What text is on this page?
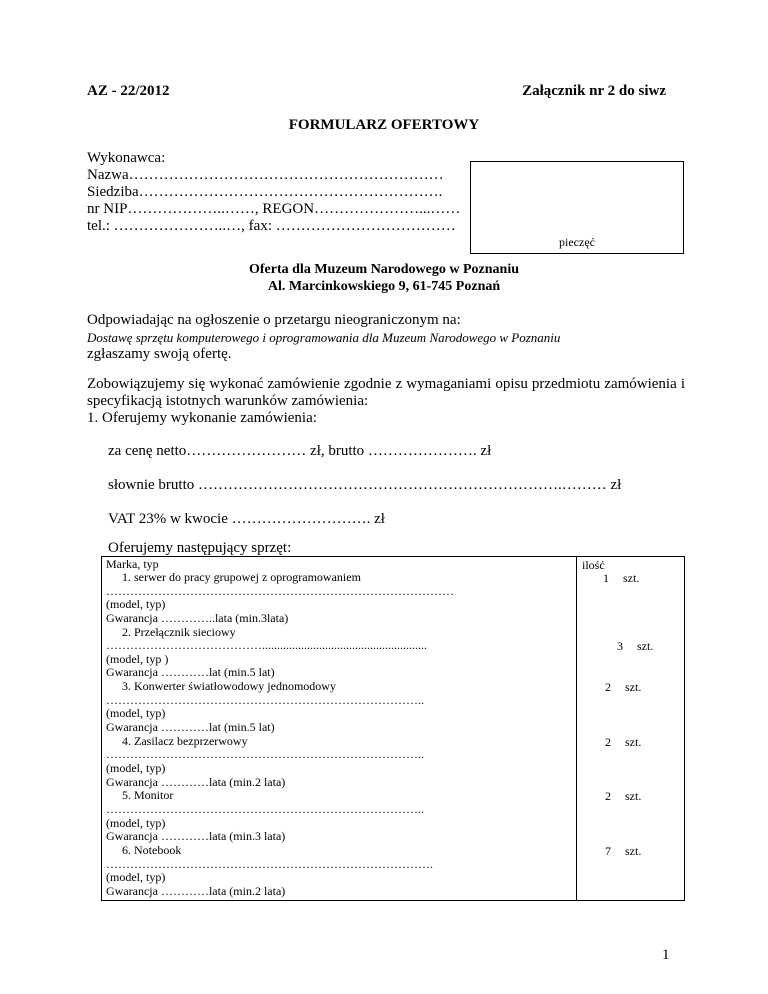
AZ - 22/2012	Załącznik nr 2 do siwz
FORMULARZ OFERTOWY
Wykonawca:
Nazwa………………………………………………………
Siedziba…………………………………………………….
nr NIP………………..……, REGON…………………...……
tel.: …………………..…, fax: ………………………………
pieczęć
Oferta dla Muzeum Narodowego w Poznaniu
Al. Marcinkowskiego 9, 61-745 Poznań
Odpowiadając na ogłoszenie o przetargu nieograniczonym na:
Dostawę sprzętu komputerowego i oprogramowania dla Muzeum Narodowego w Poznaniu
zgłaszamy swoją ofertę.
Zobowiązujemy się wykonać zamówienie zgodnie z wymaganiami opisu przedmiotu zamówienia i specyfikacją istotnych warunków zamówienia:
1. Oferujemy wykonanie zamówienia:
za cenę netto…………………… zł, brutto …………………. zł
słownie brutto ……………………………………………………………….……… zł
VAT 23% w kwocie ………………………. zł
Oferujemy następujący sprzęt:
Marka, typ	ilość
1. serwer do pracy grupowej z oprogramowaniem
……………………………………………………………………………
(model, typ)
Gwarancja …………..lata (min.3lata)
1 szt.
2. Przełącznik sieciowy
………………………………….......................................................
(model, typ )
Gwarancja …………lat (min.5 lat)
3 szt.
3. Konwerter światłowodowy jednomodowy
……………………………………………………………………..
(model, typ)
Gwarancja …………lat (min.5 lat)
2 szt.
4. Zasilacz bezprzerwowy
……………………………………………………………………..
(model, typ)
Gwarancja …………lata (min.2 lata)
2 szt.
5. Monitor
……………………………………………………………………..
(model, typ)
Gwarancja …………lata (min.3 lata)
2 szt.
6. Notebook
……………………………………………………………………….
(model, typ)
Gwarancja …………lata (min.2 lata)
7 szt.
1
